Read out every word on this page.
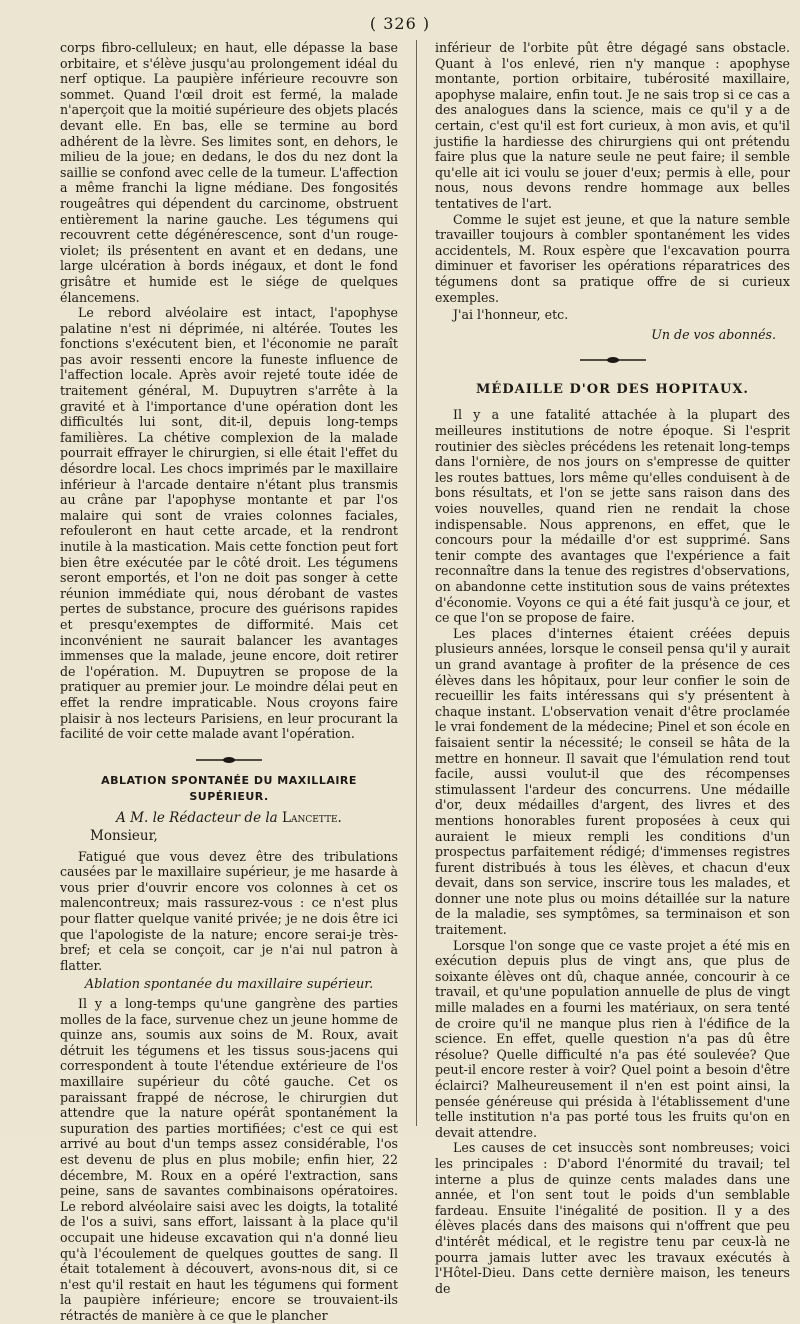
( 326 )

corps fibro-celluleux; en haut, elle dépasse la base orbitaire, et s'élève jusqu'au prolongement idéal du nerf optique. La paupière inférieure recouvre son sommet. Quand l'œil droit est fermé, la malade n'aperçoit que la moitié supérieure des objets placés devant elle. En bas, elle se termine au bord adhérent de la lèvre. Ses limites sont, en dehors, le milieu de la joue; en dedans, le dos du nez dont la saillie se confond avec celle de la tumeur. L'affection a même franchi la ligne médiane. Des fongosités rougeâtres qui dépendent du carcinome, obstruent entièrement la narine gauche. Les tégumens qui recouvrent cette dégénérescence, sont d'un rouge-violet; ils présentent en avant et en dedans, une large ulcération à bords inégaux, et dont le fond grisâtre et humide est le siége de quelques élancemens.

Le rebord alvéolaire est intact, l'apophyse palatine n'est ni déprimée, ni altérée. Toutes les fonctions s'exécutent bien, et l'économie ne paraît pas avoir ressenti encore la funeste influence de l'affection locale. Après avoir rejeté toute idée de traitement général, M. Dupuytren s'arrête à la gravité et à l'importance d'une opération dont les difficultés lui sont, dit-il, depuis long-temps familières. La chétive complexion de la malade pourrait effrayer le chirurgien, si elle était l'effet du désordre local. Les chocs imprimés par le maxillaire inférieur à l'arcade dentaire n'étant plus transmis au crâne par l'apophyse montante et par l'os malaire qui sont de vraies colonnes faciales, refouleront en haut cette arcade, et la rendront inutile à la mastication. Mais cette fonction peut fort bien être exécutée par le côté droit. Les tégumens seront emportés, et l'on ne doit pas songer à cette réunion immédiate qui, nous dérobant de vastes pertes de substance, procure des guérisons rapides et presqu'exemptes de difformité. Mais cet inconvénient ne saurait balancer les avantages immenses que la malade, jeune encore, doit retirer de l'opération. M. Dupuytren se propose de la pratiquer au premier jour. Le moindre délai peut en effet la rendre impraticable. Nous croyons faire plaisir à nos lecteurs Parisiens, en leur procurant la facilité de voir cette malade avant l'opération.

ABLATION SPONTANÉE DU MAXILLAIRE SUPÉRIEUR.
A M. le Rédacteur de la Lancette.
Monsieur,

Fatigué que vous devez être des tribulations causées par le maxillaire supérieur, je me hasarde à vous prier d'ouvrir encore vos colonnes à cet os malencontreux; mais rassurez-vous : ce n'est plus pour flatter quelque vanité privée; je ne dois être ici que l'apologiste de la nature; encore serai-je très-bref; et cela se conçoit, car je n'ai nul patron à flatter.

Ablation spontanée du maxillaire supérieur.

Il y a long-temps qu'une gangrène des parties molles de la face, survenue chez un jeune homme de quinze ans, soumis aux soins de M. Roux, avait détruit les tégumens et les tissus sous-jacens qui correspondent à toute l'étendue extérieure de l'os maxillaire supérieur du côté gauche. Cet os paraissant frappé de nécrose, le chirurgien dut attendre que la nature opérât spontanément la supuration des parties mortifiées; c'est ce qui est arrivé au bout d'un temps assez considérable, l'os est devenu de plus en plus mobile; enfin hier, 22 décembre, M. Roux en a opéré l'extraction, sans peine, sans de savantes combinaisons opératoires. Le rebord alvéolaire saisi avec les doigts, la totalité de l'os a suivi, sans effort, laissant à la place qu'il occupait une hideuse excavation qui n'a donné lieu qu'à l'écoulement de quelques gouttes de sang. Il était totalement à découvert, avons-nous dit, si ce n'est qu'il restait en haut les tégumens qui forment la paupière inférieure; encore se trouvaient-ils rétractés de manière à ce que le plancher

inférieur de l'orbite pût être dégagé sans obstacle. Quant à l'os enlevé, rien n'y manque : apophyse montante, portion orbitaire, tubérosité maxillaire, apophyse malaire, enfin tout. Je ne sais trop si ce cas a des analogues dans la science, mais ce qu'il y a de certain, c'est qu'il est fort curieux, à mon avis, et qu'il justifie la hardiesse des chirurgiens qui ont prétendu faire plus que la nature seule ne peut faire; il semble qu'elle ait ici voulu se jouer d'eux; permis à elle, pour nous, nous devons rendre hommage aux belles tentatives de l'art.

Comme le sujet est jeune, et que la nature semble travailler toujours à combler spontanément les vides accidentels, M. Roux espère que l'excavation pourra diminuer et favoriser les opérations réparatrices des tégumens dont sa pratique offre de si curieux exemples.

J'ai l'honneur, etc.
Un de vos abonnés.
MÉDAILLE D'OR DES HOPITAUX.

Il y a une fatalité attachée à la plupart des meilleures institutions de notre époque. Si l'esprit routinier des siècles précédens les retenait long-temps dans l'ornière, de nos jours on s'empresse de quitter les routes battues, lors même qu'elles conduisent à de bons résultats, et l'on se jette sans raison dans des voies nouvelles, quand rien ne rendait la chose indispensable. Nous apprenons, en effet, que le concours pour la médaille d'or est supprimé. Sans tenir compte des avantages que l'expérience a fait reconnaître dans la tenue des registres d'observations, on abandonne cette institution sous de vains prétextes d'économie. Voyons ce qui a été fait jusqu'à ce jour, et ce que l'on se propose de faire.

Les places d'internes étaient créées depuis plusieurs années, lorsque le conseil pensa qu'il y aurait un grand avantage à profiter de la présence de ces élèves dans les hôpitaux, pour leur confier le soin de recueillir les faits intéressans qui s'y présentent à chaque instant. L'observation venait d'être proclamée le vrai fondement de la médecine; Pinel et son école en faisaient sentir la nécessité; le conseil se hâta de la mettre en honneur. Il savait que l'émulation rend tout facile, aussi voulut-il que des récompenses stimulassent l'ardeur des concurrens. Une médaille d'or, deux médailles d'argent, des livres et des mentions honorables furent proposées à ceux qui auraient le mieux rempli les conditions d'un prospectus parfaitement rédigé; d'immenses registres furent distribués à tous les élèves, et chacun d'eux devait, dans son service, inscrire tous les malades, et donner une note plus ou moins détaillée sur la nature de la maladie, ses symptômes, sa terminaison et son traitement.

Lorsque l'on songe que ce vaste projet a été mis en exécution depuis plus de vingt ans, que plus de soixante élèves ont dû, chaque année, concourir à ce travail, et qu'une population annuelle de plus de vingt mille malades en a fourni les matériaux, on sera tenté de croire qu'il ne manque plus rien à l'édifice de la science. En effet, quelle question n'a pas dû être résolue? Quelle difficulté n'a pas été soulevée? Que peut-il encore rester à voir? Quel point a besoin d'être éclairci? Malheureusement il n'en est point ainsi, la pensée généreuse qui présida à l'établissement d'une telle institution n'a pas porté tous les fruits qu'on en devait attendre.

Les causes de cet insuccès sont nombreuses; voici les principales : D'abord l'énormité du travail; tel interne a plus de quinze cents malades dans une année, et l'on sent tout le poids d'un semblable fardeau. Ensuite l'inégalité de position. Il y a des élèves placés dans des maisons qui n'offrent que peu d'intérêt médical, et le registre tenu par ceux-là ne pourra jamais lutter avec les travaux exécutés à l'Hôtel-Dieu. Dans cette dernière maison, les teneurs de
